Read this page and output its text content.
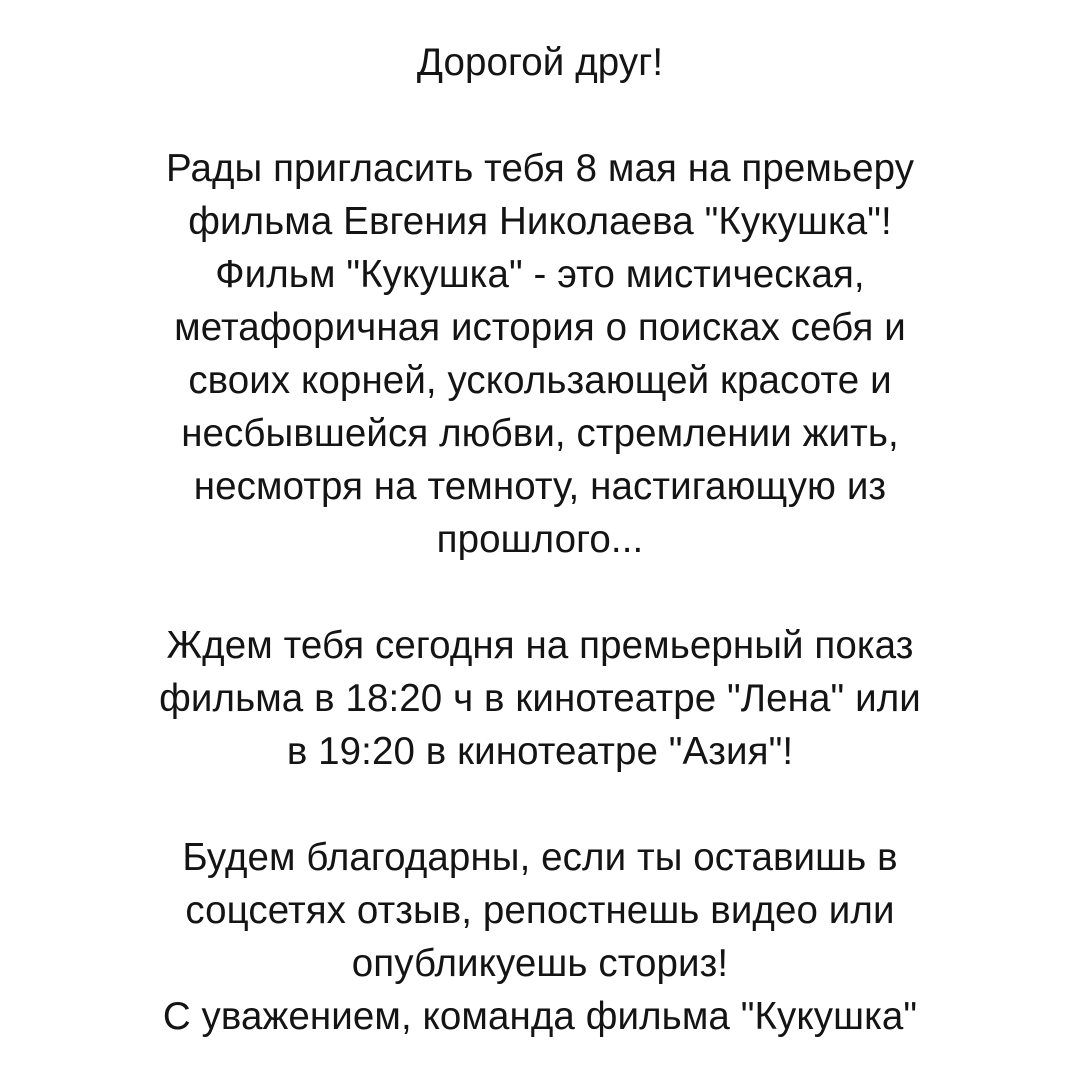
Дорогой друг!
Рады пригласить тебя 8 мая на премьеру
фильма Евгения Николаева "Кукушка"!
Фильм "Кукушка" - это мистическая,
метафоричная история о поисках себя и
своих корней, ускользающей красоте и
несбывшейся любви, стремлении жить,
несмотря на темноту, настигающую из
прошлого...
Ждем тебя сегодня на премьерный показ
фильма в 18:20 ч в кинотеатре "Лена" или
в 19:20 в кинотеатре "Азия"!
Будем благодарны, если ты оставишь в
соцсетях отзыв, репостнешь видео или
опубликуешь сториз!
С уважением, команда фильма "Кукушка"
